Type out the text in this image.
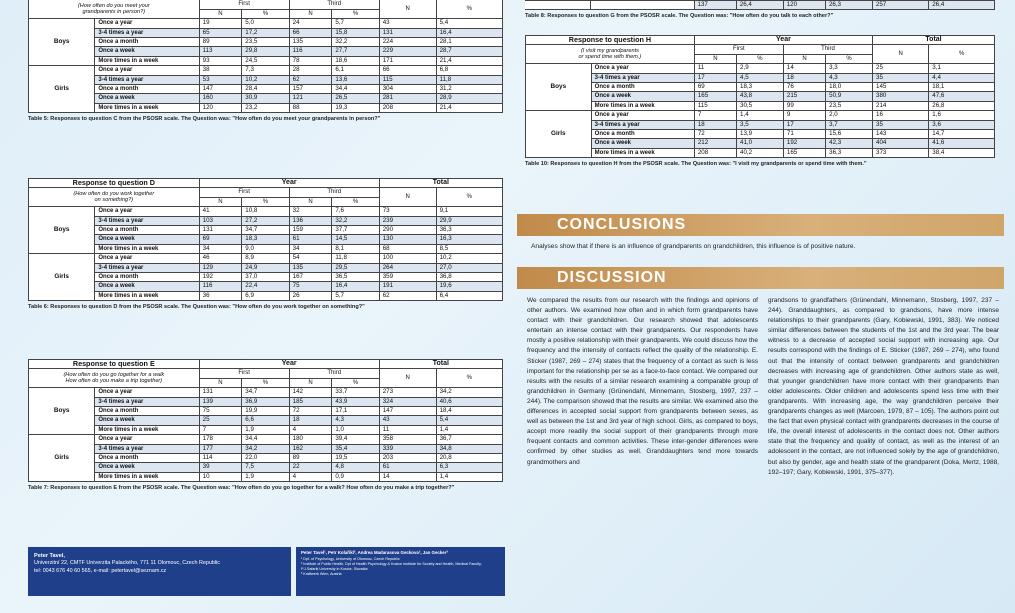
(How often do you meet your
grandparents in person?)		First		Third		N	%
		N	%	N	%		
Boys	Once a year	19	5,0	24	5,7	43	5,4
	3-4 times a year	65	17,2	66	15,8	131	16,4
	Once a month	89	23,5	135	32,2	224	28,1
	Once a week	113	29,8	116	27,7	229	28,7
	More times in a week	93	24,5	78	18,6	171	21,4
Girls	Once a year	38	7,3	28	6,1	66	6,8
	3-4 times a year	53	10,2	62	13,6	115	11,8
	Once a month	147	28,4	157	34,4	304	31,2
	Once a week	160	30,9	121	26,5	281	28,9
	More times in a week	120	23,2	88	19,3	208	21,4
Table 5: Responses to question C from the PSOSR scale. The Question was: "How often do you meet your grandparents in person?"
Response to question D		Year				Total	
(How often do you work together
on something?)		First		Third		N	%
		N	%	N	%		
Boys	Once a year	41	10,8	32	7,6	73	9,1
	3-4 times a year	103	27,2	136	32,2	239	29,9
	Once a month	131	34,7	159	37,7	290	36,3
	Once a week	69	18,3	61	14,5	130	16,3
	More times in a week	34	9,0	34	8,1	68	8,5
Girls	Once a year	46	8,9	54	11,8	100	10,2
	3-4 times a year	129	24,9	135	29,5	264	27,0
	Once a month	192	37,0	167	36,5	359	36,8
	Once a week	116	22,4	75	16,4	191	19,6
	More times in a week	36	6,9	26	5,7	62	6,4
Table 6: Responses to question D from the PSOSR scale. The Question was: "How often do you work together on something?"
Response to question E		Year				Total	
(How often do you go together for a walk
How often do you make a trip together)		First		Third		N	%
		N	%	N	%		
Boys	Once a year	131	34,7	142	33,7	273	34,2
	3-4 times a year	139	36,9	185	43,9	324	40,6
	Once a month	75	19,9	72	17,1	147	18,4
	Once a week	25	6,6	18	4,3	43	5,4
	More times in a week	7	1,9	4	1,0	11	1,4
Girls	Once a year	178	34,4	180	39,4	358	36,7
	3-4 times a year	177	34,2	162	35,4	339	34,8
	Once a month	114	22,0	89	19,5	203	20,8
	Once a week	39	7,5	22	4,8	61	6,3
	More times in a week	10	1,9	4	0,9	14	1,4
Table 7: Responses to question E from the PSOSR scale. The Question was: "How often do you go together for a walk? How often do you make a trip together?"
		137	26,4	120	26,3	257	26,4
Table 8: Responses to question G from the PSOSR scale. The Question was: "How often do you talk to each other?"
Response to question H		Year				Total	
(I visit my grandparents
or spend time with them.)		First		Third		N	%
		N	%	N	%		
Boys	Once a year	11	2,9	14	3,3	25	3,1
	3-4 times a year	17	4,5	18	4,3	35	4,4
	Once a month	69	18,3	76	18,0	145	18,1
	Once a week	165	43,8	215	50,9	380	47,6
	More times in a week	115	30,5	99	23,5	214	26,8
Girls	Once a year	7	1,4	9	2,0	16	1,6
	3-4 times a year	18	3,5	17	3,7	35	3,6
	Once a month	72	13,9	71	15,6	143	14,7
	Once a week	212	41,0	192	42,3	404	41,6
	More times in a week	208	40,2	165	36,3	373	38,4
Table 10: Responses to question H from the PSOSR scale. The Question was: "I visit my grandparents or spend time with them."
CONCLUSIONS
Analyses show that if there is an influence of grandparents on grandchildren, this influence is of positive nature.
DISCUSSION

We compared the results from our research with the findings and opinions of other authors. We examined how often and in which form grandparents have contact with their grandchildren. Our research showed that adolescents entertain an intense contact with their grandparents. Our respondents have mostly a positive relationship with their grandparents. We could discuss how the frequency and the intensity of contacts reflect the quality of the relationship. E. Sticker (1987, 269 – 274) states that the frequency of a contact as such is less important for the relationship per se as a face-to-face contact. We compared our results with the results of a similar research examining a comparable group of grandchildren in Germany (Grünendahl, Minnemann, Stosberg, 1997, 237 – 244). The comparison showed that the results are similar. We examined also the differences in accepted social support from grandparents between sexes, as well as between the 1st and 3rd year of high school. Girls, as compared to boys, accept more readily the social support of their grandparents through more frequent contacts and common activities. These inter-gender differences were confirmed by other studies as well. Granddaughters tend more towards grandmothers and

grandsons to grandfathers (Grünendahl, Minnemann, Stosberg, 1997, 237 – 244). Granddaughters, as compared to grandsons, have more intense relationships to their grandparents (Gary, Kobiewski, 1991, 383). We noticed similar differences between the students of the 1st and the 3rd year. The bear witness to a decrease of accepted social support with increasing age. Our results correspond with the findings of E. Sticker (1987, 269 – 274), who found out that the intensity of contact between grandparents and grandchildren decreases with increasing age of grandchildren. Other authors state as well, that younger grandchildren have more contact with their grandparents than older adolescents. Older children and adolescents spend less time with their grandparents. With increasing age, the way grandchildren perceive their grandparents changes as well (Marcoen, 1979, 87 – 105). The authors point out the fact that even physical contact with grandparents decreases in the course of life, the overall interest of adolescents in the contact does not. Other authors state that the frequency and quality of contact, as well as the interest of an adolescent in the contact, are not influenced solely by the age of grandchildren, but also by gender, age and health state of the grandparent (Doka, Mertz, 1988, 192–197; Gary, Kobiewski, 1991, 375–377).

Peter Tavel,
Univerzitní 22, CMTF Univerzita Palackého, 771 11 Olomouc, Czech Republic
tel: 0043 676 40 60 565, e-mail: petertavel@seznam.cz
Peter Tavel¹, Petr Kolaříkl², Andrea Madarasova Geckova², Jan Gecker³
¹ Dpt. of Psychology, University of Olomouc, Czech Republic
² Institute of Public Health, Dpt of Health Psychology & Kosice Institute for Society and Health, Medical Faculty, P.J.Safarik University in Kosice, Slovakia
³ Kraftwerk Wien, Austria
